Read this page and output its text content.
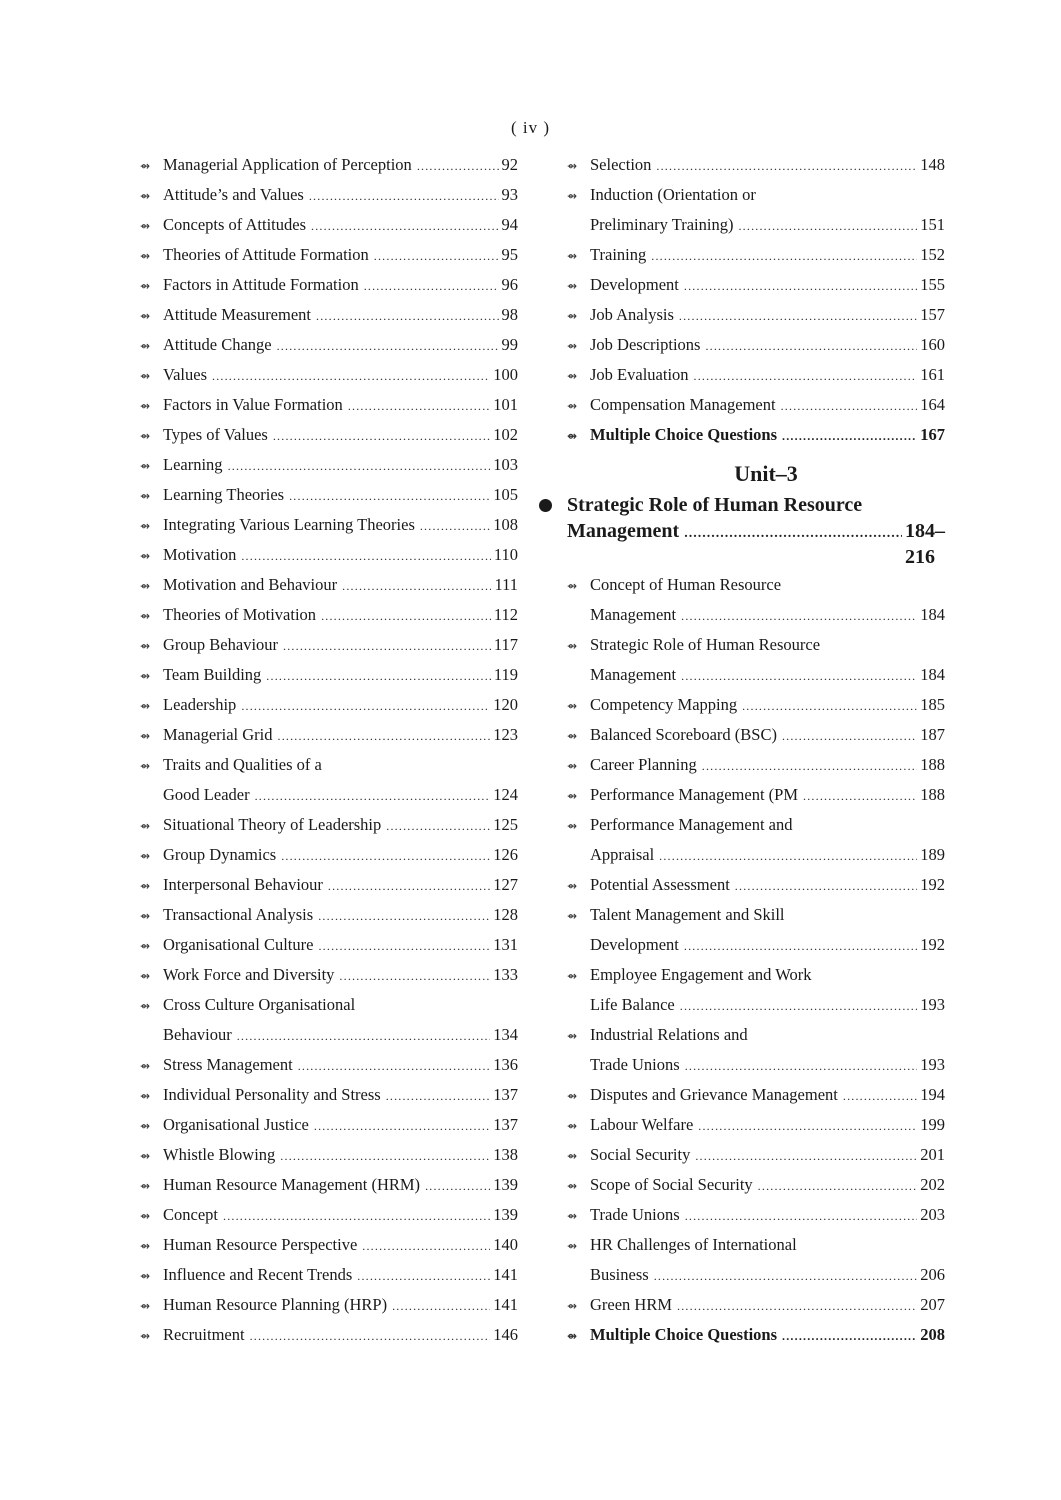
( iv )
⇴ Managerial Application of Perception .....	92
⇴ Attitude’s and Values .....	93
⇴ Concepts of Attitudes .....	94
⇴ Theories of Attitude Formation .....	95
⇴ Factors in Attitude Formation .....	96
⇴ Attitude Measurement .....	98
⇴ Attitude Change .....	99
⇴ Values .....	100
⇴ Factors in Value Formation .....	101
⇴ Types of Values .....	102
⇴ Learning .....	103
⇴ Learning Theories .....	105
⇴ Integrating Various Learning Theories .....	108
⇴ Motivation .....	110
⇴ Motivation and Behaviour .....	111
⇴ Theories of Motivation .....	112
⇴ Group Behaviour .....	117
⇴ Team Building .....	119
⇴ Leadership .....	120
⇴ Managerial Grid .....	123
⇴ Traits and Qualities of a
Good Leader .....	124
⇴ Situational Theory of Leadership .....	125
⇴ Group Dynamics .....	126
⇴ Interpersonal Behaviour .....	127
⇴ Transactional Analysis .....	128
⇴ Organisational Culture .....	131
⇴ Work Force and Diversity .....	133
⇴ Cross Culture Organisational
Behaviour .....	134
⇴ Stress Management .....	136
⇴ Individual Personality and Stress .....	137
⇴ Organisational Justice .....	137
⇴ Whistle Blowing .....	138
⇴ Human Resource Management (HRM) .....	139
⇴ Concept .....	139
⇴ Human Resource Perspective .....	140
⇴ Influence and Recent Trends .....	141
⇴ Human Resource Planning (HRP) .....	141
⇴ Recruitment .....	146
⇴ Selection .....	148
⇴ Induction (Orientation or
Preliminary Training) .....	151
⇴ Training .....	152
⇴ Development .....	155
⇴ Job Analysis .....	157
⇴ Job Descriptions .....	160
⇴ Job Evaluation .....	161
⇴ Compensation Management .....	164
⇴ Multiple Choice Questions .....	167
Unit–3
Strategic Role of Human Resource
Management .....	184–216
⇴ Concept of Human Resource
Management .....	184
⇴ Strategic Role of Human Resource
Management .....	184
⇴ Competency Mapping .....	185
⇴ Balanced Scoreboard (BSC) .....	187
⇴ Career Planning .....	188
⇴ Performance Management (PM .....	188
⇴ Performance Management and
Appraisal .....	189
⇴ Potential Assessment .....	192
⇴ Talent Management and Skill
Development .....	192
⇴ Employee Engagement and Work
Life Balance .....	193
⇴ Industrial Relations and
Trade Unions .....	193
⇴ Disputes and Grievance Management .....	194
⇴ Labour Welfare .....	199
⇴ Social Security .....	201
⇴ Scope of Social Security .....	202
⇴ Trade Unions .....	203
⇴ HR Challenges of International
Business .....	206
⇴ Green HRM .....	207
⇴ Multiple Choice Questions .....	208
